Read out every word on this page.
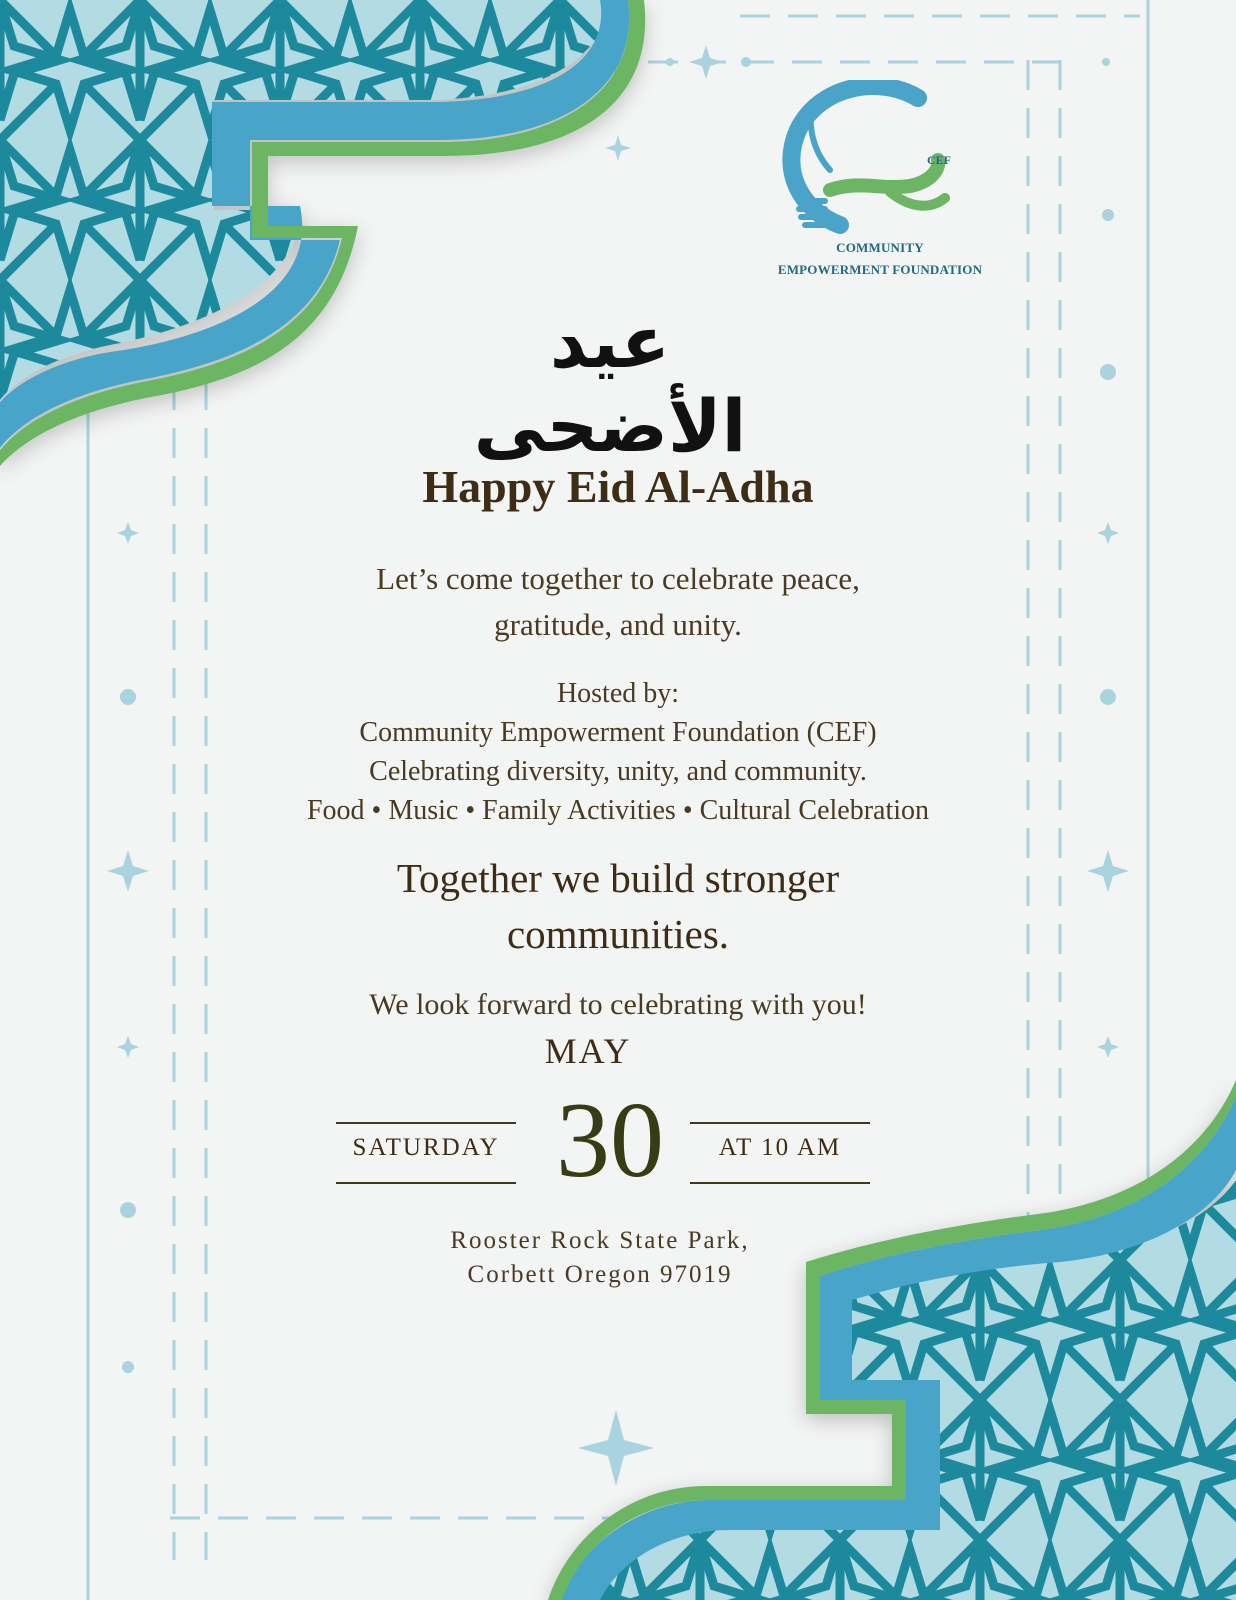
CEF
COMMUNITY
EMPOWERMENT FOUNDATION
عيد الأضحى
Happy Eid Al-Adha
Let’s come together to celebrate peace,
gratitude, and unity.
Hosted by:
Community Empowerment Foundation (CEF)
Celebrating diversity, unity, and community.
Food • Music • Family Activities • Cultural Celebration
Together we build stronger
communities.
We look forward to celebrating with you!
MAY
SATURDAY 30	AT 10 AM
Rooster Rock State Park,
Corbett Oregon 97019
